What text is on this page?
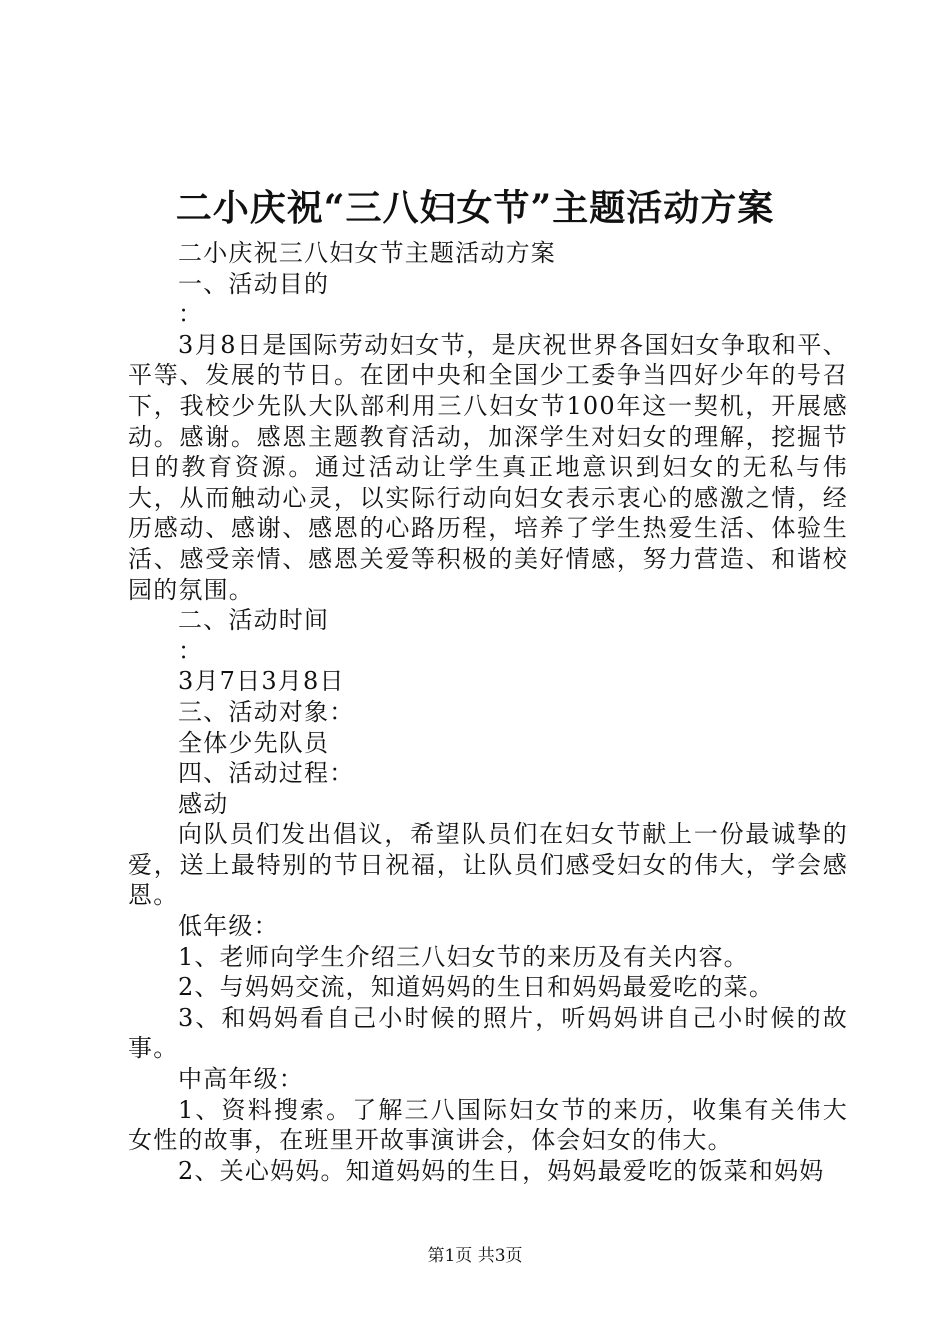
二小庆祝“三八妇女节”主题活动方案

二小庆祝三八妇女节主题活动方案

一、活动目的

：

3月8日是国际劳动妇女节，是庆祝世界各国妇女争取和平、平等、发展的节日。在团中央和全国少工委争当四好少年的号召下，我校少先队大队部利用三八妇女节100年这一契机，开展感动。感谢。感恩主题教育活动，加深学生对妇女的理解，挖掘节日的教育资源。通过活动让学生真正地意识到妇女的无私与伟大，从而触动心灵，以实际行动向妇女表示衷心的感激之情，经历感动、感谢、感恩的心路历程，培养了学生热爱生活、体验生活、感受亲情、感恩关爱等积极的美好情感，努力营造、和谐校园的氛围。

二、活动时间

：

3月7日3月8日

三、活动对象：

全体少先队员

四、活动过程：

感动

向队员们发出倡议，希望队员们在妇女节献上一份最诚挚的爱，送上最特别的节日祝福，让队员们感受妇女的伟大，学会感恩。

低年级：

1、老师向学生介绍三八妇女节的来历及有关内容。

2、与妈妈交流，知道妈妈的生日和妈妈最爱吃的菜。

3、和妈妈看自己小时候的照片，听妈妈讲自己小时候的故事。

中高年级：

1、资料搜索。了解三八国际妇女节的来历，收集有关伟大女性的故事，在班里开故事演讲会，体会妇女的伟大。

2、关心妈妈。知道妈妈的生日，妈妈最爱吃的饭菜和妈妈

第1页 共3页
